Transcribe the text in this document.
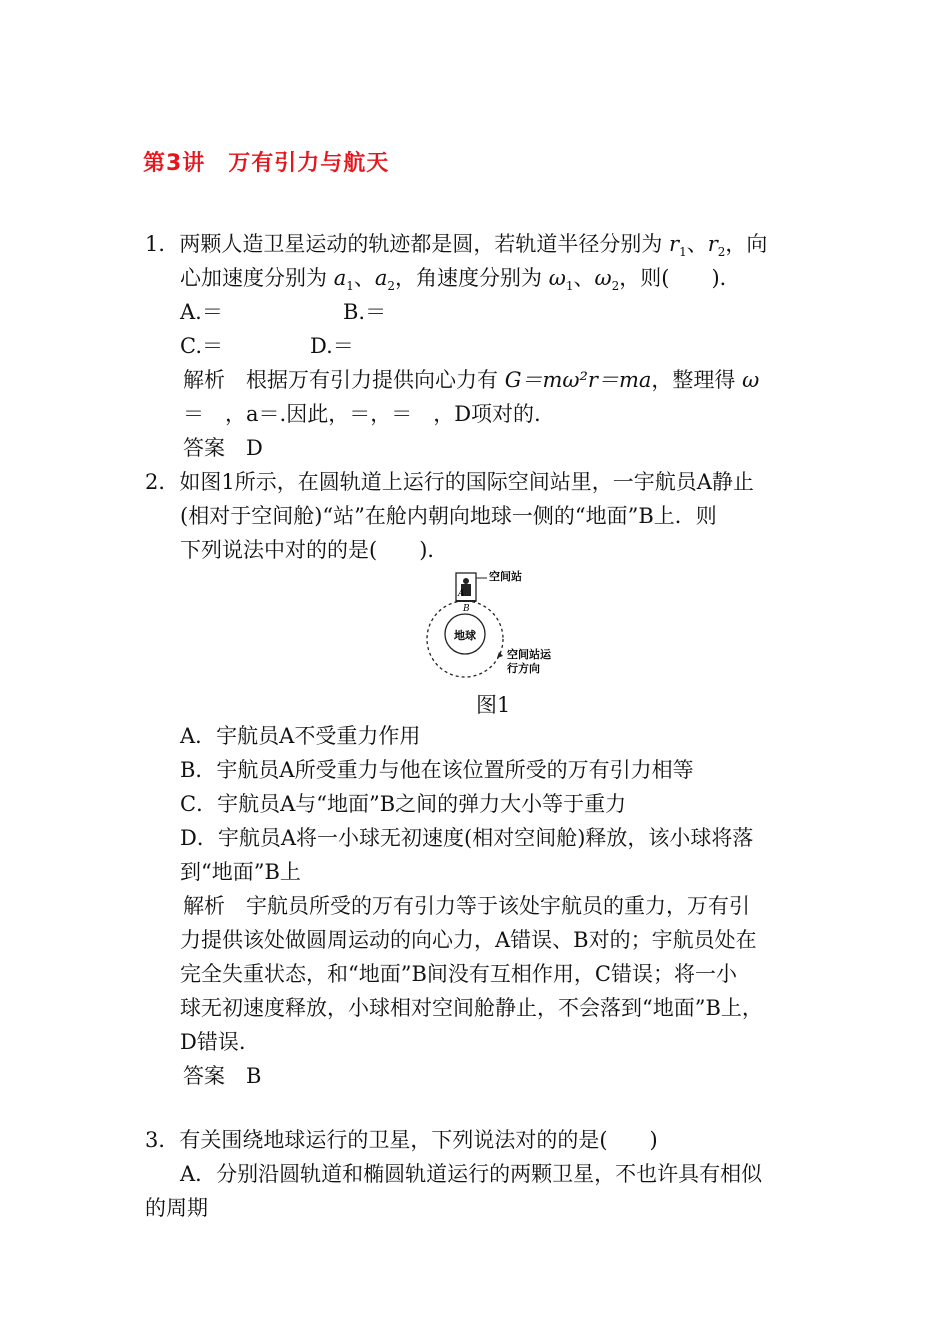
第3讲　万有引力与航天
1．两颗人造卫星运动的轨迹都是圆，若轨道半径分别为 $r_1$、$r_2$，向
心加速度分别为 $a_1$、$a_2$，角速度分别为 $\omega_1$、$\omega_2$，则(　　)．
A.＝	B.＝
C.＝	D.＝
解析　根据万有引力提供向心力有 G＝mω²r＝ma，整理得 ω
＝　，a＝.因此，＝，＝　，D项对的.
答案　D
2．如图1所示，在圆轨道上运行的国际空间站里，一宇航员A静止
(相对于空间舱)“站”在舱内朝向地球一侧的“地面”B上．则
下列说法中对的的是(　　)．
地球
A
B
空间站
空间站运
行方向
图1
A．宇航员A不受重力作用
B．宇航员A所受重力与他在该位置所受的万有引力相等
C．宇航员A与“地面”B之间的弹力大小等于重力
D．宇航员A将一小球无初速度(相对空间舱)释放，该小球将落
到“地面”B上
解析　宇航员所受的万有引力等于该处宇航员的重力，万有引
力提供该处做圆周运动的向心力，A错误、B对的；宇航员处在
完全失重状态，和“地面”B间没有互相作用，C错误；将一小
球无初速度释放，小球相对空间舱静止，不会落到“地面”B上，
D错误.
答案　B
3．有关围绕地球运行的卫星，下列说法对的的是(　　)
A．分别沿圆轨道和椭圆轨道运行的两颗卫星，不也许具有相似
的周期
